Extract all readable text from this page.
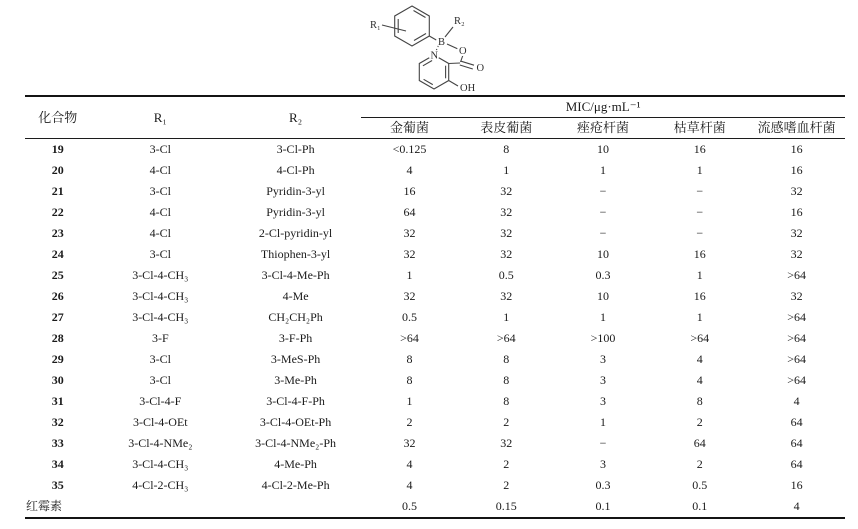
R₁	R₂
B
O
N
O
OH
化合物	R₁	R₂	MIC/μg·mL⁻¹				
			金葡菌	表皮葡菌	痤疮杆菌	枯草杆菌	流感嗜血杆菌
19	3-Cl	3-Cl-Ph	<0.125	8	10	16	16
20	4-Cl	4-Cl-Ph	4	1	1	1	16
21	3-Cl	Pyridin-3-yl	16	32	−	−	32
22	4-Cl	Pyridin-3-yl	64	32	−	−	16
23	4-Cl	2-Cl-pyridin-yl	32	32	−	−	32
24	3-Cl	Thiophen-3-yl	32	32	10	16	32
25	3-Cl-4-CH₃	3-Cl-4-Me-Ph	1	0.5	0.3	1	>64
26	3-Cl-4-CH₃	4-Me	32	32	10	16	32
27	3-Cl-4-CH₃	CH₂CH₂Ph	0.5	1	1	1	>64
28	3-F	3-F-Ph	>64	>64	>100	>64	>64
29	3-Cl	3-MeS-Ph	8	8	3	4	>64
30	3-Cl	3-Me-Ph	8	8	3	4	>64
31	3-Cl-4-F	3-Cl-4-F-Ph	1	8	3	8	4
32	3-Cl-4-OEt	3-Cl-4-OEt-Ph	2	2	1	2	64
33	3-Cl-4-NMe₂	3-Cl-4-NMe₂-Ph	32	32	−	64	64
34	3-Cl-4-CH₃	4-Me-Ph	4	2	3	2	64
35	4-Cl-2-CH₃	4-Cl-2-Me-Ph	4	2	0.3	0.5	16
红霉素			0.5	0.15	0.1	0.1	4
